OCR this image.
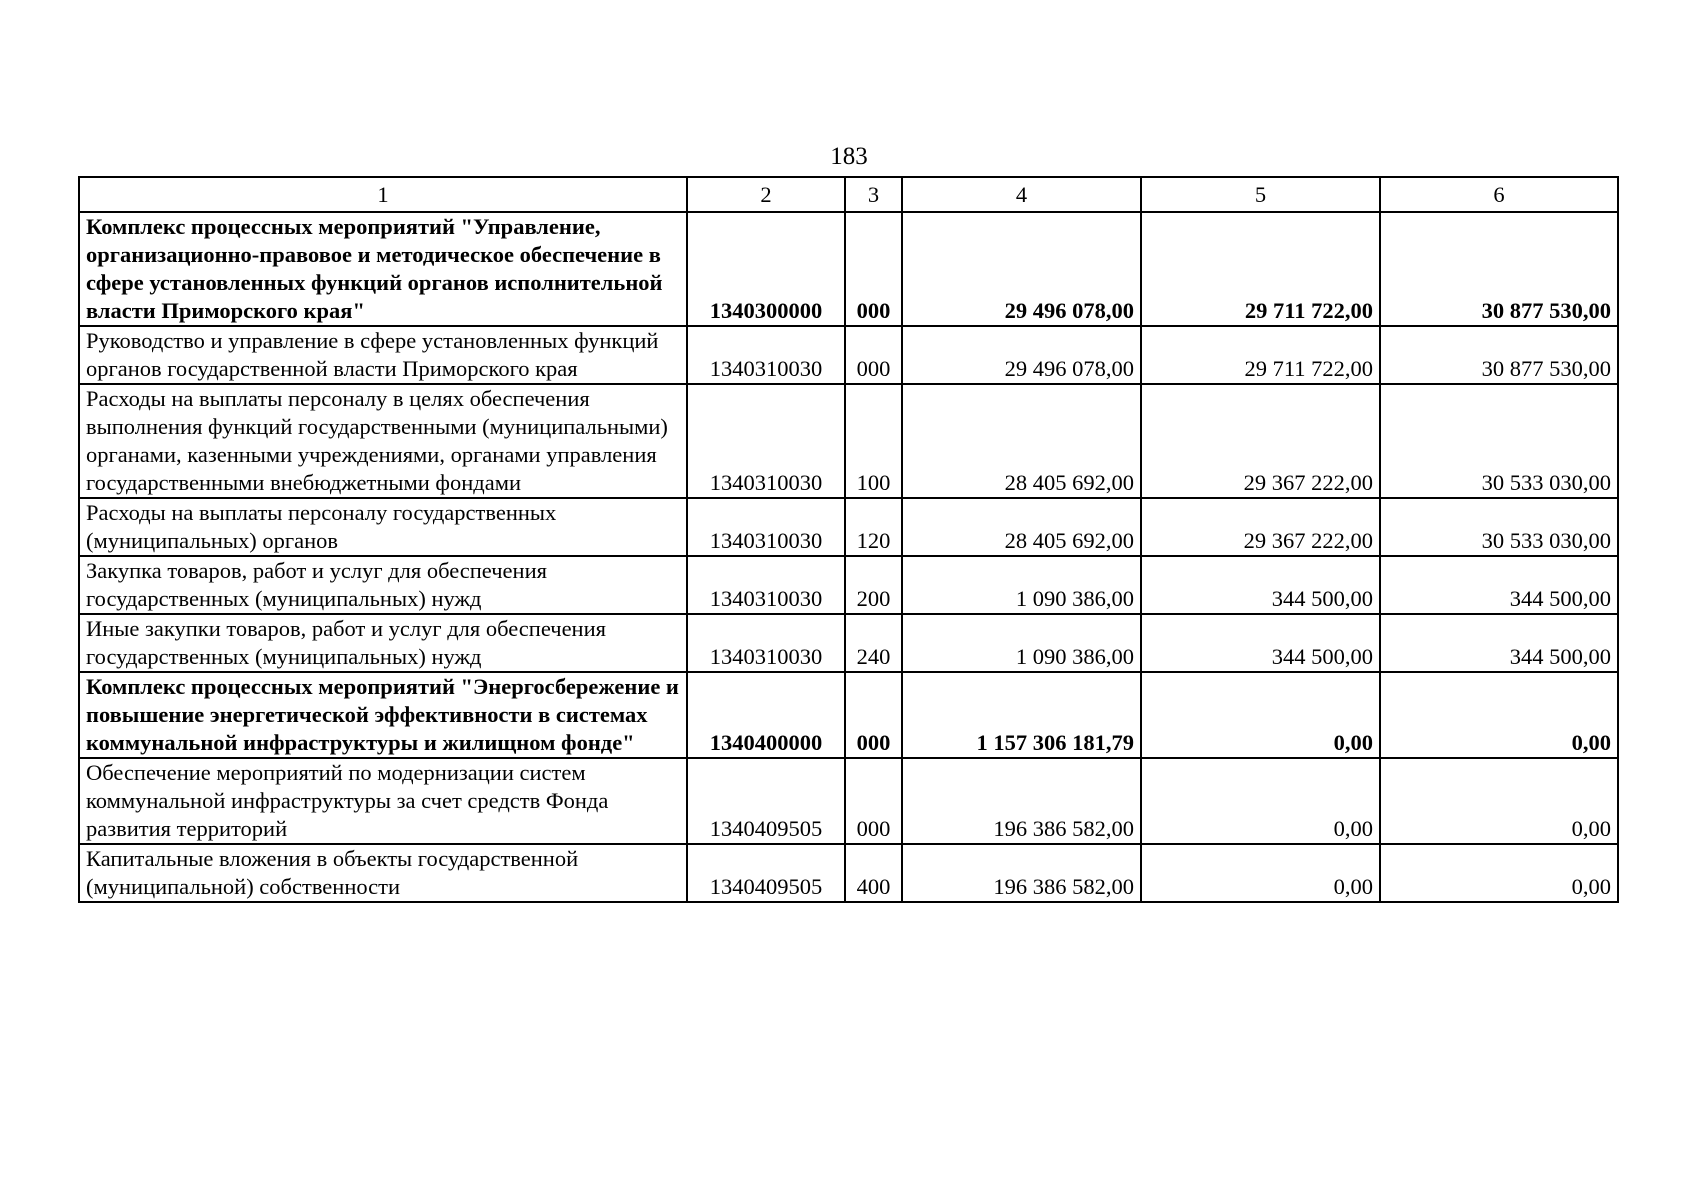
183
1	2	3	4	5	6
Комплекс процессных мероприятий "Управление, организационно-правовое и методическое обеспечение в сфере установленных функций органов исполнительной власти Приморского края"	1340300000	000	29 496 078,00	29 711 722,00	30 877 530,00
Руководство и управление в сфере установленных функций органов государственной власти Приморского края	1340310030	000	29 496 078,00	29 711 722,00	30 877 530,00
Расходы на выплаты персоналу в целях обеспечения выполнения функций государственными (муниципальными) органами, казенными учреждениями, органами управления государственными внебюджетными фондами	1340310030	100	28 405 692,00	29 367 222,00	30 533 030,00
Расходы на выплаты персоналу государственных (муниципальных) органов	1340310030	120	28 405 692,00	29 367 222,00	30 533 030,00
Закупка товаров, работ и услуг для обеспечения государственных (муниципальных) нужд	1340310030	200	1 090 386,00	344 500,00	344 500,00
Иные закупки товаров, работ и услуг для обеспечения государственных (муниципальных) нужд	1340310030	240	1 090 386,00	344 500,00	344 500,00
Комплекс процессных мероприятий "Энергосбережение и повышение энергетической эффективности в системах коммунальной инфраструктуры и жилищном фонде"	1340400000	000	1 157 306 181,79	0,00	0,00
Обеспечение мероприятий по модернизации систем коммунальной инфраструктуры за счет средств Фонда развития территорий	1340409505	000	196 386 582,00	0,00	0,00
Капитальные вложения в объекты государственной (муниципальной) собственности	1340409505	400	196 386 582,00	0,00	0,00
